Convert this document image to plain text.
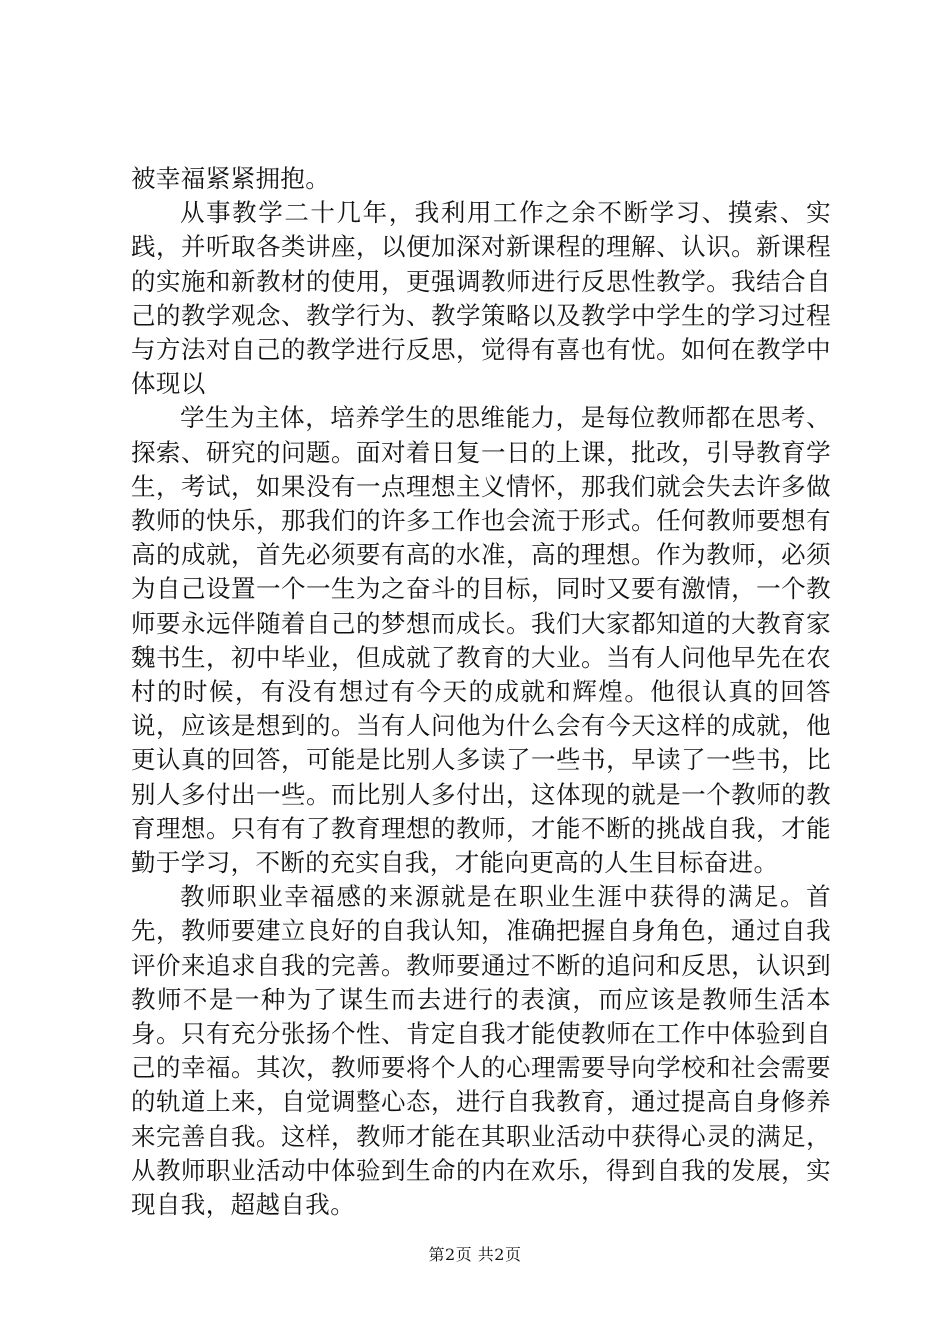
被幸福紧紧拥抱。

从事教学二十几年，我利用工作之余不断学习、摸索、实践，并听取各类讲座，以便加深对新课程的理解、认识。新课程的实施和新教材的使用，更强调教师进行反思性教学。我结合自己的教学观念、教学行为、教学策略以及教学中学生的学习过程与方法对自己的教学进行反思，觉得有喜也有忧。如何在教学中体现以

学生为主体，培养学生的思维能力，是每位教师都在思考、探索、研究的问题。面对着日复一日的上课，批改，引导教育学生，考试，如果没有一点理想主义情怀，那我们就会失去许多做教师的快乐，那我们的许多工作也会流于形式。任何教师要想有高的成就，首先必须要有高的水准，高的理想。作为教师，必须为自己设置一个一生为之奋斗的目标，同时又要有激情，一个教师要永远伴随着自己的梦想而成长。我们大家都知道的大教育家魏书生，初中毕业，但成就了教育的大业。当有人问他早先在农村的时候，有没有想过有今天的成就和辉煌。他很认真的回答说，应该是想到的。当有人问他为什么会有今天这样的成就，他更认真的回答，可能是比别人多读了一些书，早读了一些书，比别人多付出一些。而比别人多付出，这体现的就是一个教师的教育理想。只有有了教育理想的教师，才能不断的挑战自我，才能勤于学习，不断的充实自我，才能向更高的人生目标奋进。

教师职业幸福感的来源就是在职业生涯中获得的满足。首先，教师要建立良好的自我认知，准确把握自身角色，通过自我评价来追求自我的完善。教师要通过不断的追问和反思，认识到教师不是一种为了谋生而去进行的表演，而应该是教师生活本身。只有充分张扬个性、肯定自我才能使教师在工作中体验到自己的幸福。其次，教师要将个人的心理需要导向学校和社会需要的轨道上来，自觉调整心态，进行自我教育，通过提高自身修养来完善自我。这样，教师才能在其职业活动中获得心灵的满足，从教师职业活动中体验到生命的内在欢乐，得到自我的发展，实现自我，超越自我。

第2页 共2页
